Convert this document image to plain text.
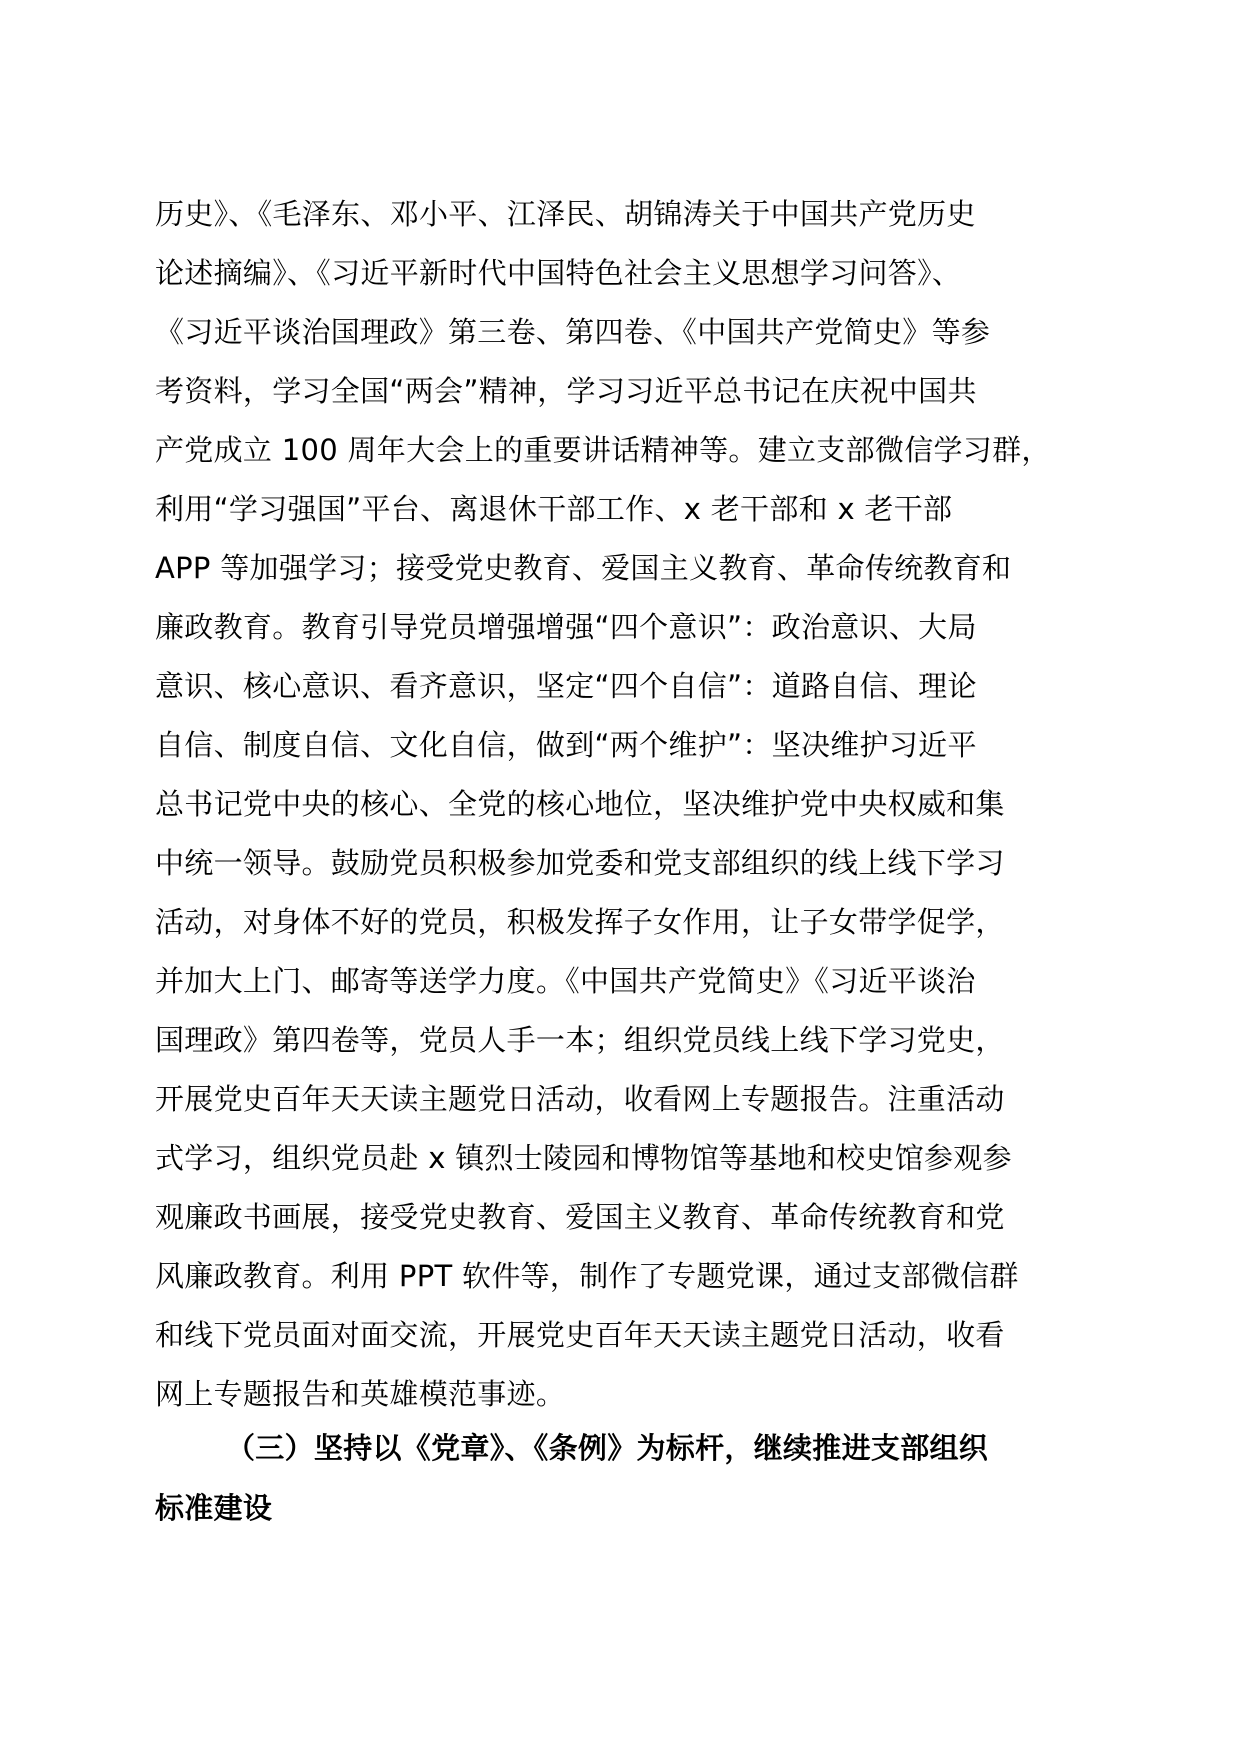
历史》、《毛泽东、邓小平、江泽民、胡锦涛关于中国共产党历史
论述摘编》、《习近平新时代中国特色社会主义思想学习问答》、
《习近平谈治国理政》第三卷、第四卷、《中国共产党简史》等参
考资料，学习全国“两会”精神，学习习近平总书记在庆祝中国共
产党成立 100 周年大会上的重要讲话精神等。建立支部微信学习群，
利用“学习强国”平台、离退休干部工作、x 老干部和 x 老干部
APP 等加强学习；接受党史教育、爱国主义教育、革命传统教育和
廉政教育。教育引导党员增强增强“四个意识”：政治意识、大局
意识、核心意识、看齐意识，坚定“四个自信”：道路自信、理论
自信、制度自信、文化自信，做到“两个维护”：坚决维护习近平
总书记党中央的核心、全党的核心地位，坚决维护党中央权威和集
中统一领导。鼓励党员积极参加党委和党支部组织的线上线下学习
活动，对身体不好的党员，积极发挥子女作用，让子女带学促学，
并加大上门、邮寄等送学力度。《中国共产党简史》《习近平谈治
国理政》第四卷等，党员人手一本；组织党员线上线下学习党史，
开展党史百年天天读主题党日活动，收看网上专题报告。注重活动
式学习，组织党员赴 x 镇烈士陵园和博物馆等基地和校史馆参观参
观廉政书画展，接受党史教育、爱国主义教育、革命传统教育和党
风廉政教育。利用 PPT 软件等，制作了专题党课，通过支部微信群
和线下党员面对面交流，开展党史百年天天读主题党日活动，收看
网上专题报告和英雄模范事迹。
（三）坚持以《党章》、《条例》为标杆，继续推进支部组织
标准建设
